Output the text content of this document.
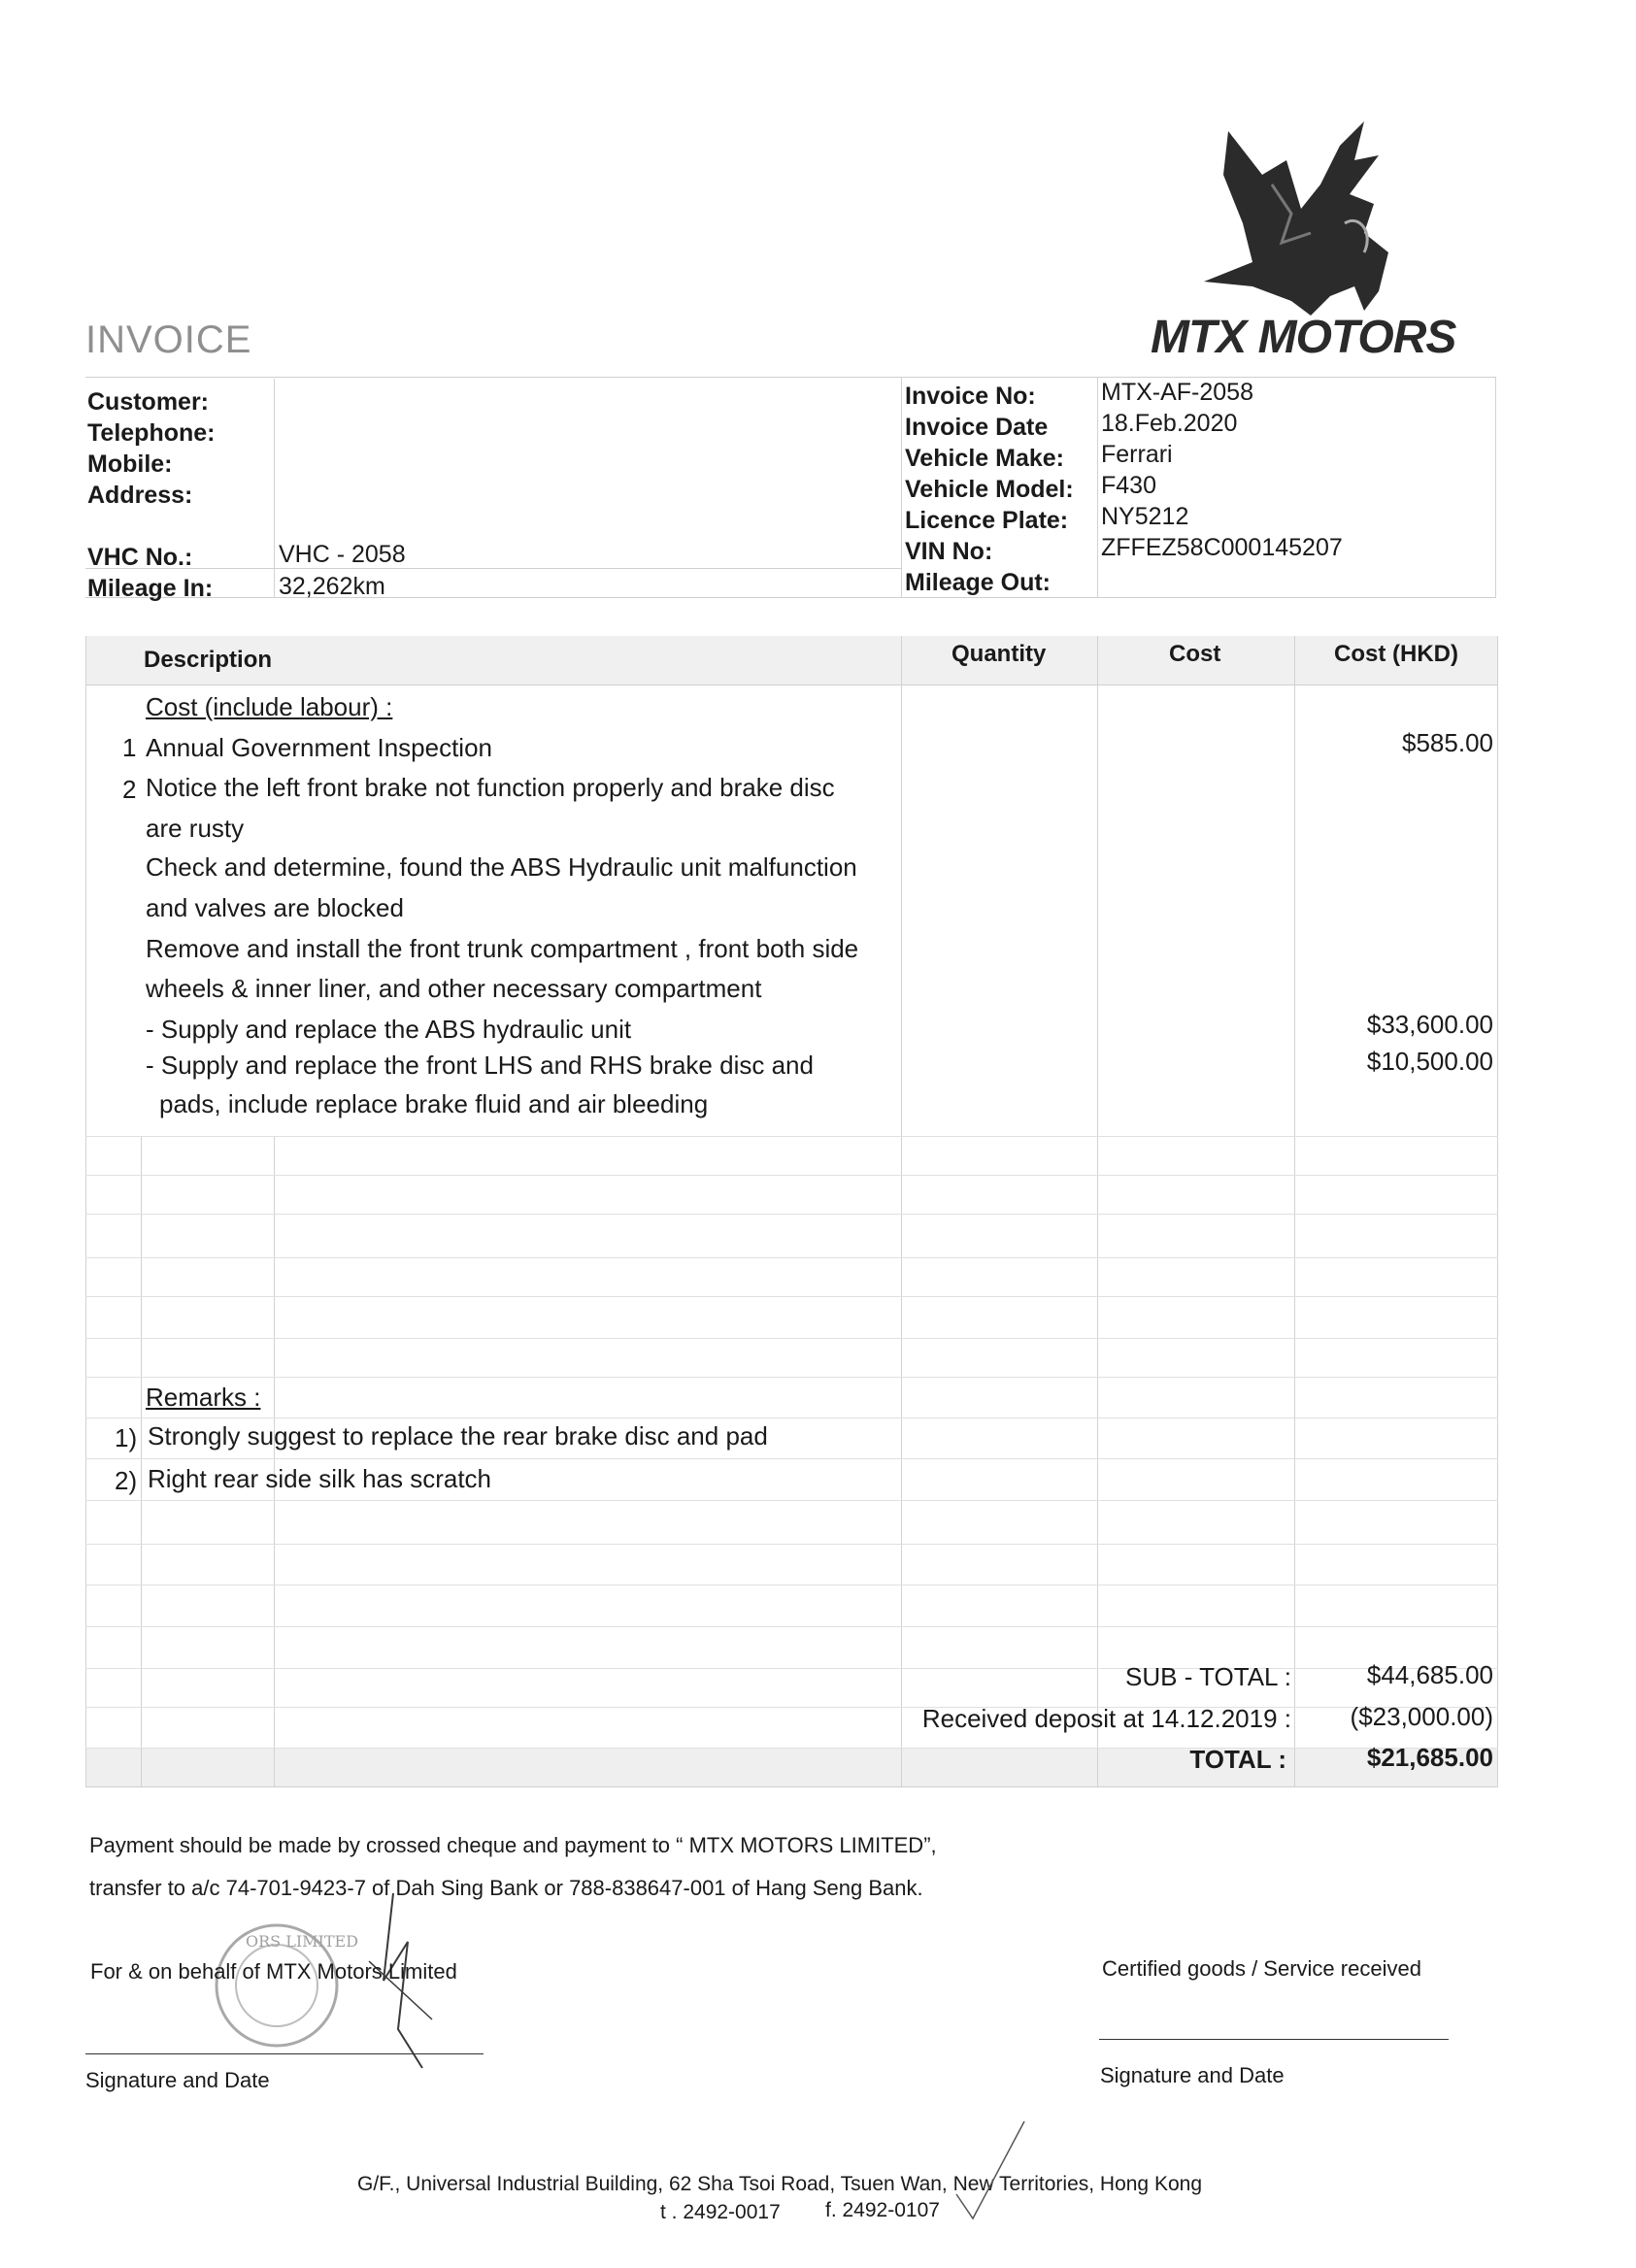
INVOICE	MTX MOTORS
Customer:
Telephone:
Mobile:
Address:
VHC No.:	VHC - 2058
Mileage In:	32,262km
Invoice No:	MTX-AF-2058
Invoice Date 18.Feb.2020
Vehicle Make: Ferrari
Vehicle Model: F430
Licence Plate: NY5212
VIN No:	ZFFEZ58C000145207
Mileage Out:
Description	Quantity	Cost	Cost (HKD)
Cost (include labour) :
1 Annual Government Inspection	$585.00
2 Notice the left front brake not function properly and brake disc
are rusty
Check and determine, found the ABS Hydraulic unit malfunction
and valves are blocked
Remove and install the front trunk compartment , front both side
wheels & inner liner, and other necessary compartment
- Supply and replace the ABS hydraulic unit	$33,600.00
- Supply and replace the front LHS and RHS brake disc and	$10,500.00
pads, include replace brake fluid and air bleeding
Remarks :
1) Strongly suggest to replace the rear brake disc and pad
2) Right rear side silk has scratch
SUB - TOTAL :	$44,685.00
Received deposit at 14.12.2019 :	($23,000.00)
TOTAL :	$21,685.00
Payment should be made by crossed cheque and payment to “ MTX MOTORS LIMITED”,
transfer to a/c 74-701-9423-7 of Dah Sing Bank or 788-838647-001 of Hang Seng Bank.
ORS LIMITED
For & on behalf of MTX Motors Limited
Signature and Date
Certified goods / Service received
Signature and Date
G/F., Universal Industrial Building, 62 Sha Tsoi Road, Tsuen Wan, New Territories, Hong Kong
t . 2492-0017 f. 2492-0107
